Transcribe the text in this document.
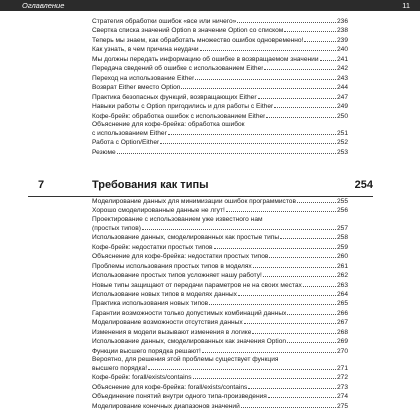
Оглавление	11
Стратегия обработки ошибок «все или ничего»	236
Свертка списка значений Option в значение Option со списком	238
Теперь мы знаем, как обработать множество ошибок одновременно!	239
Как узнать, в чем причина неудачи	240
Мы должны передать информацию об ошибке в возвращаемом значении	241
Передача сведений об ошибке с использованием Either	242
Переход на использование Either	243
Возврат Either вместо Option	244
Практика безопасных функций, возвращающих Either	247
Навыки работы с Option пригодились и для работы с Either	249
Кофе-брейк: обработка ошибок с использованием Either	250
Объяснение для кофе-брейка: обработка ошибок
с использованием Either	251
Работа с Option/Either	252
Резюме	253
7	Требования как типы	254
Моделирование данных для минимизации ошибок программистов	255
Хорошо смоделированные данные не лгут!	256
Проектирование с использованием уже известного нам
(простых типов)	257
Использование данных, смоделированных как простые типы	258
Кофе-брейк: недостатки простых типов	259
Объяснение для кофе-брейка: недостатки простых типов	260
Проблемы использования простых типов в моделях	261
Использование простых типов усложняет нашу работу!	262
Новые типы защищают от передачи параметров не на своих местах	263
Использование новых типов в моделях данных	264
Практика использования новых типов	265
Гарантии возможности только допустимых комбинаций данных	266
Моделирование возможности отсутствия данных	267
Изменения в модели вызывают изменения в логике	268
Использование данных, смоделированных как значения Option	269
Функции высшего порядка решают!	270
Вероятно, для решения этой проблемы существует функция
высшего порядка!	271
Кофе-брейк: forall/exists/contains	272
Объяснение для кофе-брейка: forall/exists/contains	273
Объединение понятий внутри одного типа-произведения	274
Моделирование конечных диапазонов значений	275
